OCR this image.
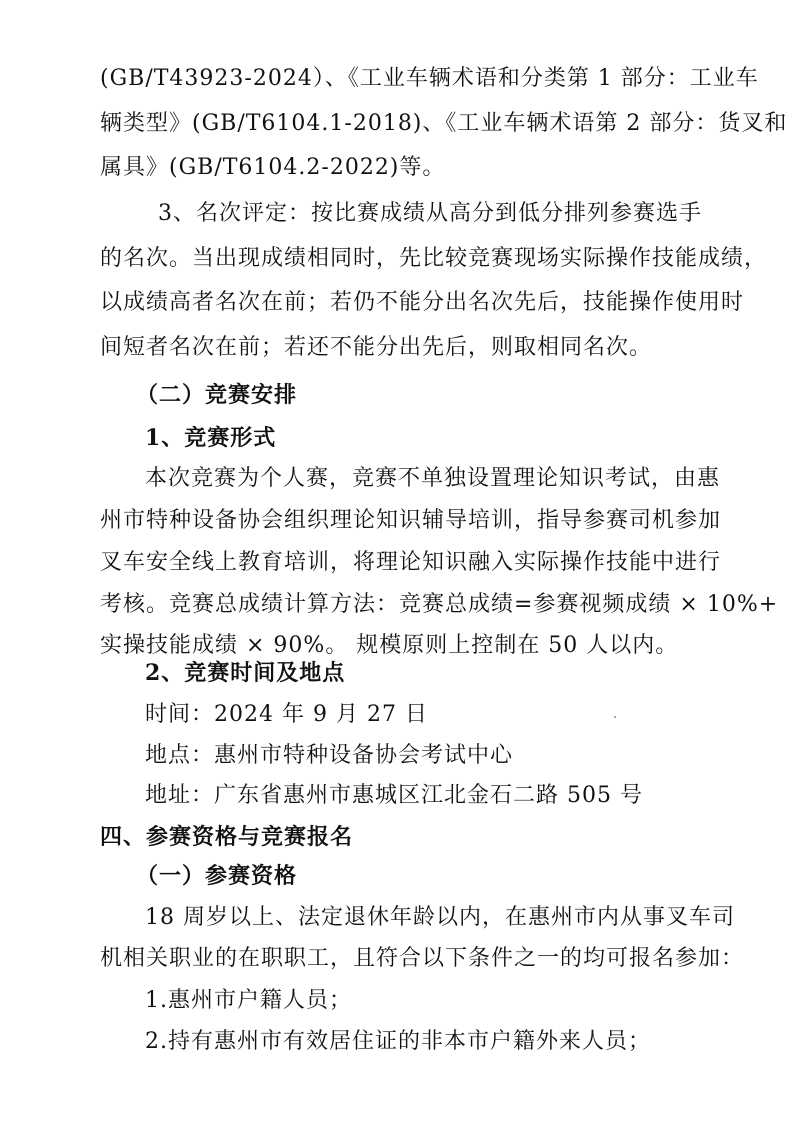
(GB/T43923-2024）、《工业车辆术语和分类第 1 部分：工业车
辆类型》(GB/T6104.1-2018)、《工业车辆术语第 2 部分：货叉和
属具》(GB/T6104.2-2022)等。
3、名次评定：按比赛成绩从高分到低分排列参赛选手
的名次。当出现成绩相同时，先比较竞赛现场实际操作技能成绩，
以成绩高者名次在前；若仍不能分出名次先后，技能操作使用时
间短者名次在前；若还不能分出先后，则取相同名次。
（二）竞赛安排
1、竞赛形式
本次竞赛为个人赛，竞赛不单独设置理论知识考试，由惠
州市特种设备协会组织理论知识辅导培训，指导参赛司机参加
叉车安全线上教育培训，将理论知识融入实际操作技能中进行
考核。竞赛总成绩计算方法：竞赛总成绩=参赛视频成绩 × 10%+
实操技能成绩 × 90%。 规模原则上控制在 50 人以内。
2、竞赛时间及地点
时间：2024 年 9 月 27 日
地点：惠州市特种设备协会考试中心
地址：广东省惠州市惠城区江北金石二路 505 号
四、参赛资格与竞赛报名
（一）参赛资格
18 周岁以上、法定退休年龄以内，在惠州市内从事叉车司
机相关职业的在职职工，且符合以下条件之一的均可报名参加：
1.惠州市户籍人员；
2.持有惠州市有效居住证的非本市户籍外来人员；
